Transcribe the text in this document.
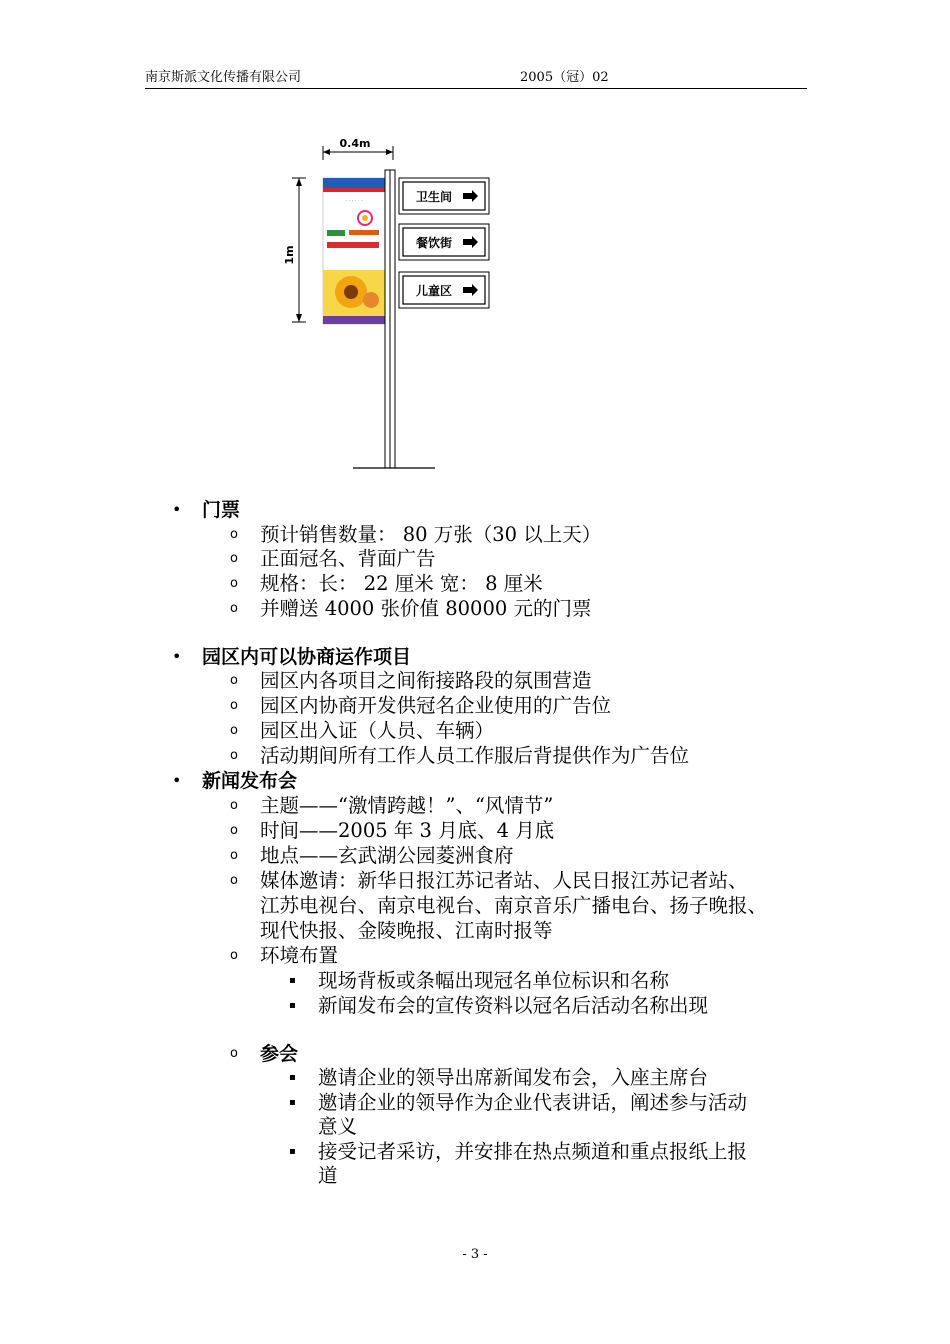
南京斯派文化传播有限公司	2005（冠）02
0.4m
1m
· · · · · ·	卫生间
餐饮街
儿童区
• 门票
o 预计销售数量： 80 万张（30 以上天）
o 正面冠名、背面广告
o 规格：长： 22 厘米 宽： 8 厘米
o 并赠送 4000 张价值 80000 元的门票
• 园区内可以协商运作项目
o 园区内各项目之间衔接路段的氛围营造
o 园区内协商开发供冠名企业使用的广告位
o 园区出入证（人员、车辆）
o 活动期间所有工作人员工作服后背提供作为广告位
• 新闻发布会
o 主题——“激情跨越！”、“风情节”
o 时间——2005 年 3 月底、4 月底
o 地点——玄武湖公园菱洲食府
o 媒体邀请：新华日报江苏记者站、人民日报江苏记者站、
江苏电视台、南京电视台、南京音乐广播电台、扬子晚报、
现代快报、金陵晚报、江南时报等
o 环境布置
▪ 现场背板或条幅出现冠名单位标识和名称
▪ 新闻发布会的宣传资料以冠名后活动名称出现
o 参会
▪ 邀请企业的领导出席新闻发布会，入座主席台
▪ 邀请企业的领导作为企业代表讲话，阐述参与活动
意义
▪ 接受记者采访，并安排在热点频道和重点报纸上报
道
- 3 -
